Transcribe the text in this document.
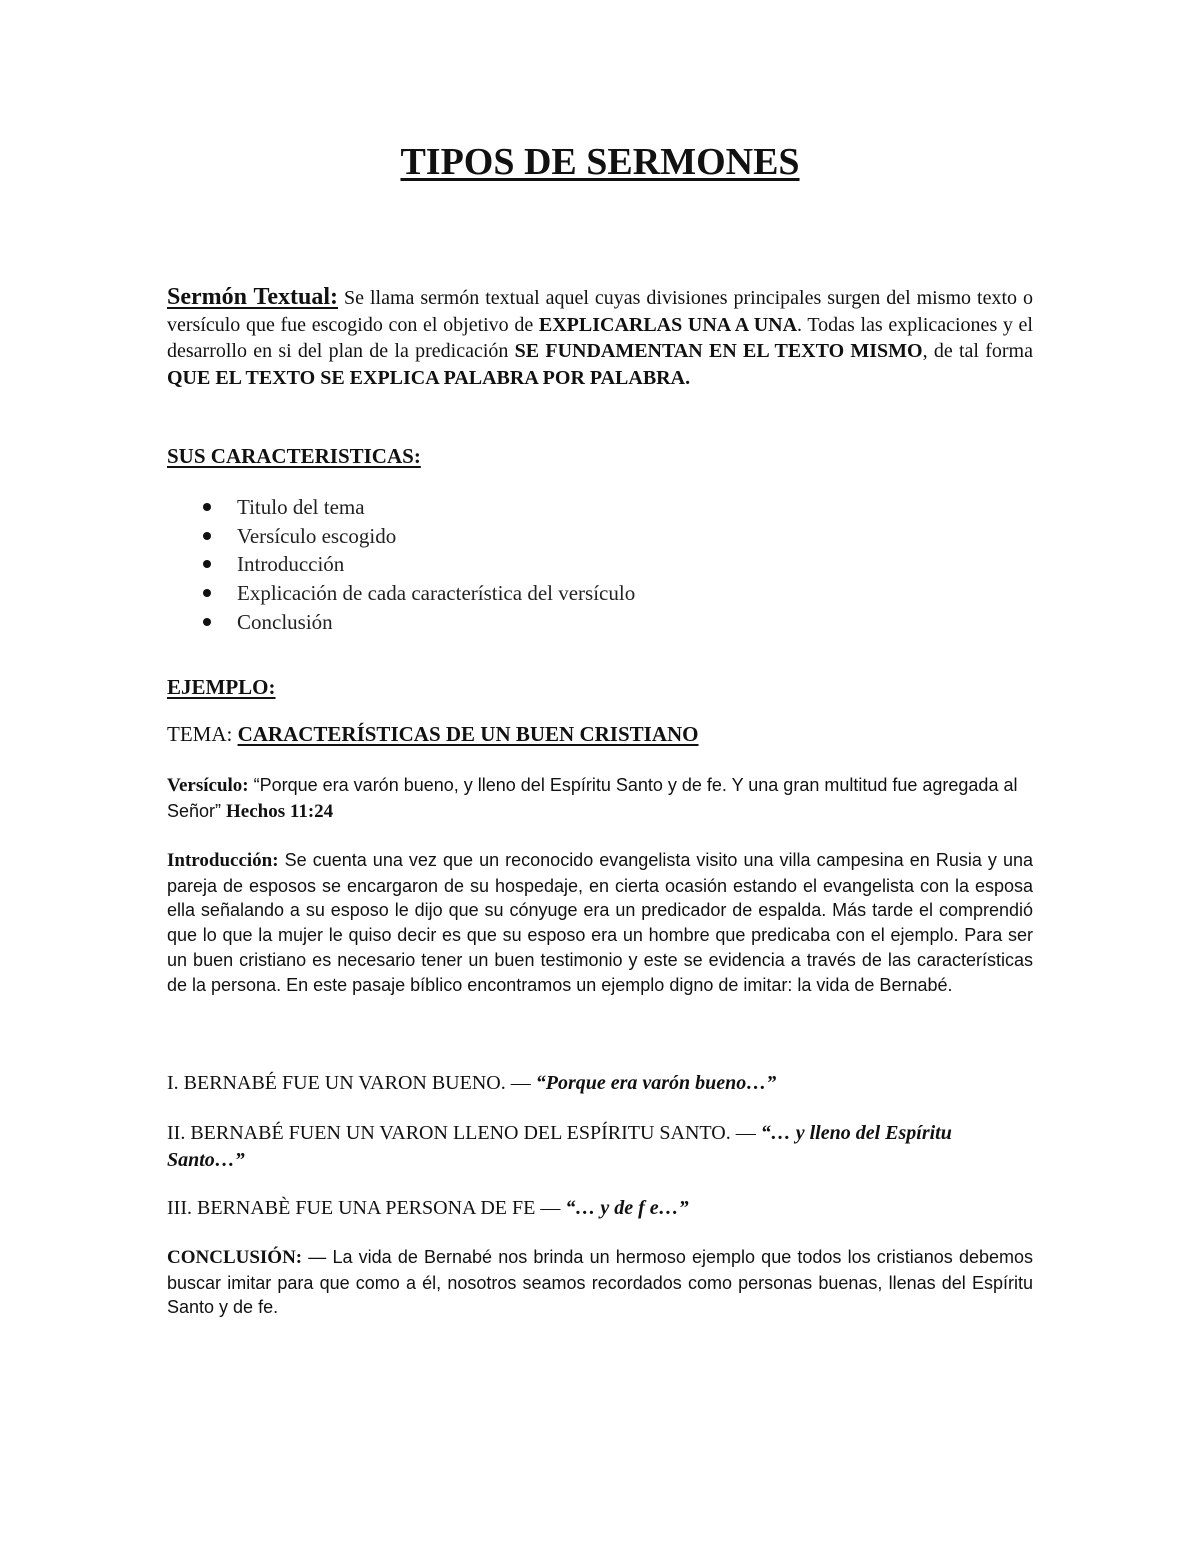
TIPOS DE SERMONES

Sermón Textual: Se llama sermón textual aquel cuyas divisiones principales surgen del mismo texto o versículo que fue escogido con el objetivo de EXPLICARLAS UNA A UNA. Todas las explicaciones y el desarrollo en si del plan de la predicación SE FUNDAMENTAN EN EL TEXTO MISMO, de tal forma QUE EL TEXTO SE EXPLICA PALABRA POR PALABRA.

SUS CARACTERISTICAS:
Titulo del tema
Versículo escogido
Introducción
Explicación de cada característica del versículo
Conclusión
EJEMPLO:
TEMA: CARACTERÍSTICAS DE UN BUEN CRISTIANO

Versículo: “Porque era varón bueno, y lleno del Espíritu Santo y de fe. Y una gran multitud fue agregada al Señor” Hechos 11:24

Introducción: Se cuenta una vez que un reconocido evangelista visito una villa campesina en Rusia y una pareja de esposos se encargaron de su hospedaje, en cierta ocasión estando el evangelista con la esposa ella señalando a su esposo le dijo que su cónyuge era un predicador de espalda. Más tarde el comprendió que lo que la mujer le quiso decir es que su esposo era un hombre que predicaba con el ejemplo. Para ser un buen cristiano es necesario tener un buen testimonio y este se evidencia a través de las características de la persona. En este pasaje bíblico encontramos un ejemplo digno de imitar: la vida de Bernabé.

I. BERNABÉ FUE UN VARON BUENO. — “Porque era varón bueno…”
II. BERNABÉ FUEN UN VARON LLENO DEL ESPÍRITU SANTO. — “… y lleno del Espíritu Santo…”
III. BERNABÈ FUE UNA PERSONA DE FE — “… y de f e…”

CONCLUSIÓN: — La vida de Bernabé nos brinda un hermoso ejemplo que todos los cristianos debemos buscar imitar para que como a él, nosotros seamos recordados como personas buenas, llenas del Espíritu Santo y de fe.
